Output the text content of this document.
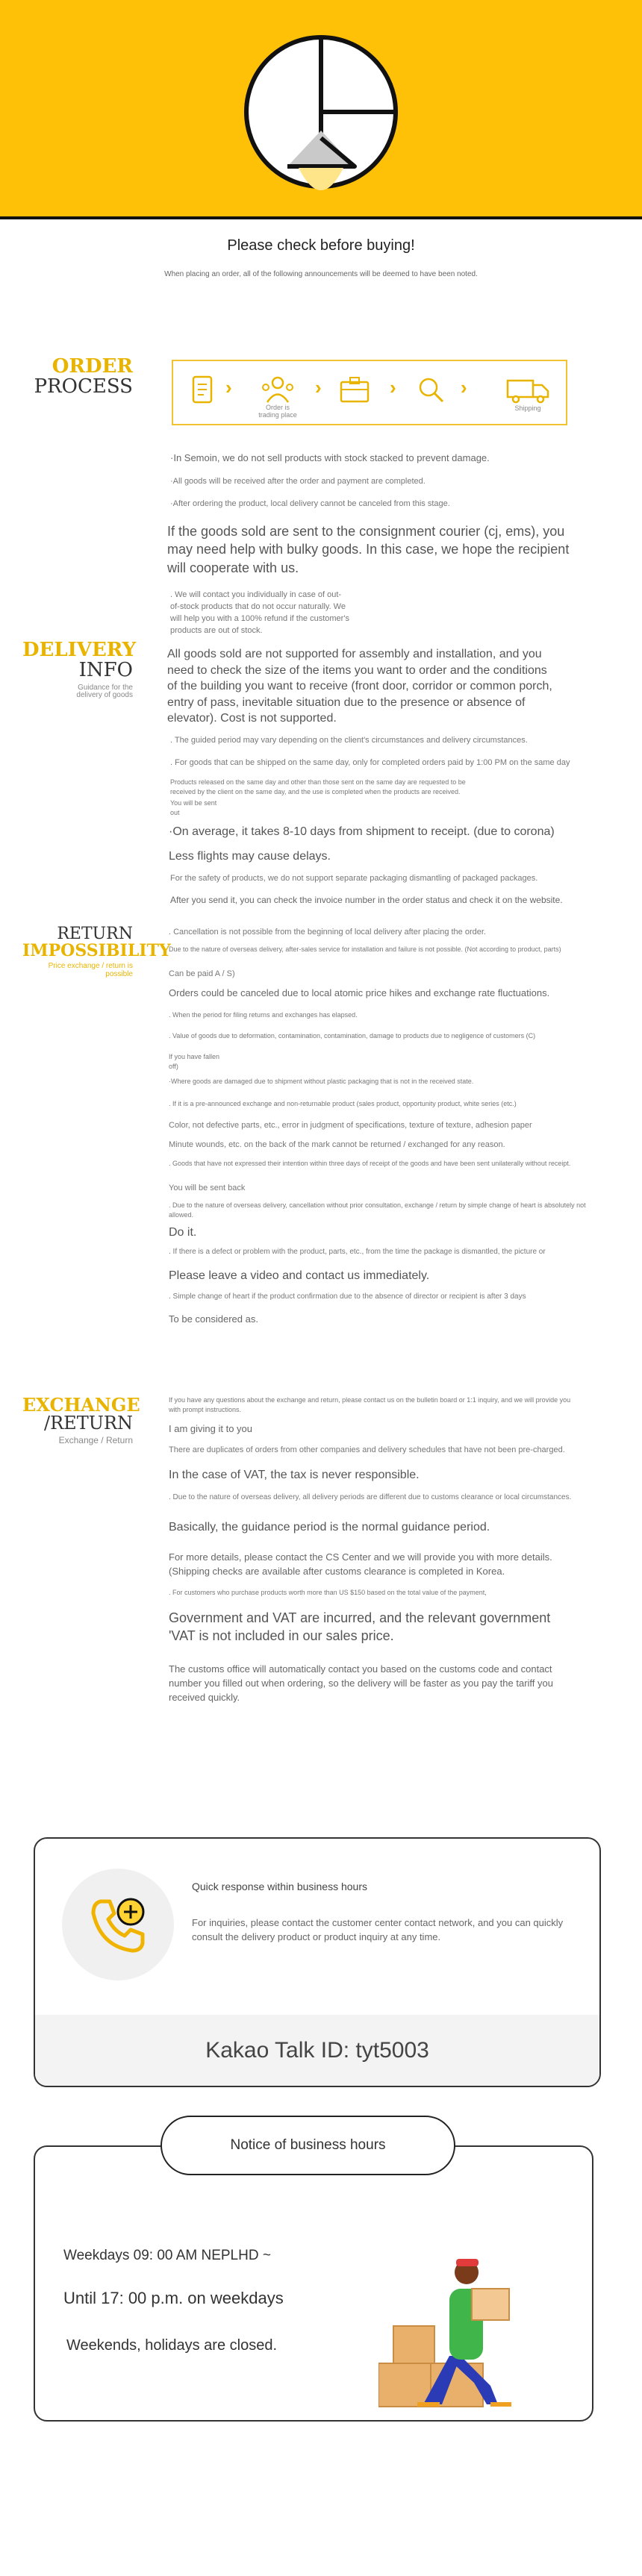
Please check before buying!
When placing an order, all of the following announcements will be deemed to have been noted.
ORDER
PROCESS	›
Order is
trading place
›	›	›
Shipping
·In Semoin, we do not sell products with stock stacked to prevent damage.
·All goods will be received after the order and payment are completed.
·After ordering the product, local delivery cannot be canceled from this stage.
If the goods sold are sent to the consignment courier (cj, ems), you may need help with bulky goods. In this case, we hope the recipient will cooperate with us.
. We will contact you individually in case of out-of-stock products that do not occur naturally. We will help you with a 100% refund if the customer's products are out of stock.
DELIVERY
INFO
Guidance for the delivery of goods
All goods sold are not supported for assembly and installation, and you need to check the size of the items you want to order and the conditions of the building you want to receive (front door, corridor or common porch, entry of pass, inevitable situation due to the presence or absence of elevator). Cost is not supported.
. The guided period may vary depending on the client's circumstances and delivery circumstances.
. For goods that can be shipped on the same day, only for completed orders paid by 1:00 PM on the same day
Products released on the same day and other than those sent on the same day are requested to be received by the client on the same day, and the use is completed when the products are received.
You will be sent
out
·On average, it takes 8-10 days from shipment to receipt. (due to corona)
Less flights may cause delays.
For the safety of products, we do not support separate packaging dismantling of packaged packages.
After you send it, you can check the invoice number in the order status and check it on the website.
RETURN
IMPOSSIBILITY
Price exchange / return is possible
. Cancellation is not possible from the beginning of local delivery after placing the order.
Due to the nature of overseas delivery, after-sales service for installation and failure is not possible. (Not according to product, parts)
Can be paid A / S)
Orders could be canceled due to local atomic price hikes and exchange rate fluctuations.
. When the period for filing returns and exchanges has elapsed.
. Value of goods due to deformation, contamination, contamination, damage to products due to negligence of customers (C)
If you have fallen
off)
·Where goods are damaged due to shipment without plastic packaging that is not in the received state.
. If it is a pre-announced exchange and non-returnable product (sales product, opportunity product, white series (etc.)
Color, not defective parts, etc., error in judgment of specifications, texture of texture, adhesion paper
Minute wounds, etc. on the back of the mark cannot be returned / exchanged for any reason.
. Goods that have not expressed their intention within three days of receipt of the goods and have been sent unilaterally without receipt.
You will be sent back
. Due to the nature of overseas delivery, cancellation without prior consultation, exchange / return by simple change of heart is absolutely not allowed.
Do it.
. If there is a defect or problem with the product, parts, etc., from the time the package is dismantled, the picture or
Please leave a video and contact us immediately.
. Simple change of heart if the product confirmation due to the absence of director or recipient is after 3 days
To be considered as.
EXCHANGE
/RETURN
Exchange / Return
If you have any questions about the exchange and return, please contact us on the bulletin board or 1:1 inquiry, and we will provide you with prompt instructions.
I am giving it to you
There are duplicates of orders from other companies and delivery schedules that have not been pre-charged.
In the case of VAT, the tax is never responsible.
. Due to the nature of overseas delivery, all delivery periods are different due to customs clearance or local circumstances.
Basically, the guidance period is the normal guidance period.
For more details, please contact the CS Center and we will provide you with more details. (Shipping checks are available after customs clearance is completed in Korea.
. For customers who purchase products worth more than US $150 based on the total value of the payment,
Government and VAT are incurred, and the relevant government 'VAT is not included in our sales price.
The customs office will automatically contact you based on the customs code and contact number you filled out when ordering, so the delivery will be faster as you pay the tariff you received quickly.
Quick response within business hours
For inquiries, please contact the customer center contact network, and you can quickly consult the delivery product or product inquiry at any time.
Kakao Talk ID: tyt5003
Notice of business hours
Weekdays 09: 00 AM NEPLHD ~
Until 17: 00 p.m. on weekdays
Weekends, holidays are closed.
